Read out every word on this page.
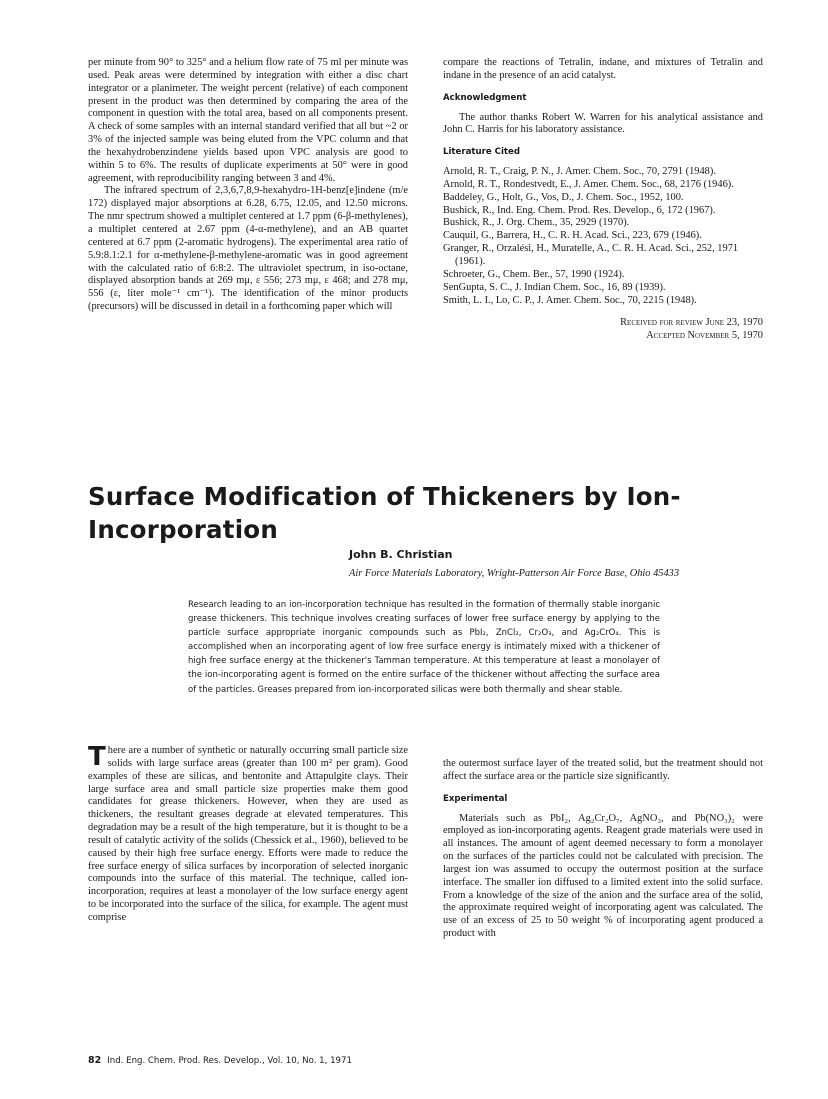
per minute from 90° to 325° and a helium flow rate of 75 ml per minute was used. Peak areas were determined by integration with either a disc chart integrator or a planimeter. The weight percent (relative) of each component present in the product was then determined by comparing the area of the component in question with the total area, based on all components present. A check of some samples with an internal standard verified that all but ~2 or 3% of the injected sample was being eluted from the VPC column and that the hexahydrobenzindene yields based upon VPC analysis are good to within 5 to 6%. The results of duplicate experiments at 50° were in good agreement, with reproducibility ranging between 3 and 4%.

The infrared spectrum of 2,3,6,7,8,9-hexahydro-1H-benz[e]indene (m/e 172) displayed major absorptions at 6.28, 6.75, 12.05, and 12.50 microns. The nmr spectrum showed a multiplet centered at 1.7 ppm (6-β-methylenes), a multiplet centered at 2.67 ppm (4-α-methylene), and an AB quartet centered at 6.7 ppm (2-aromatic hydrogens). The experimental area ratio of 5.9:8.1:2.1 for α-methylene-β-methylene-aromatic was in good agreement with the calculated ratio of 6:8:2. The ultraviolet spectrum, in iso-octane, displayed absorption bands at 269 mμ, ε 556; 273 mμ, ε 468; and 278 mμ, 556 (ε, liter mole⁻¹ cm⁻¹). The identification of the minor products (precursors) will be discussed in detail in a forthcoming paper which will

compare the reactions of Tetralin, indane, and mixtures of Tetralin and indane in the presence of an acid catalyst.

Acknowledgment

The author thanks Robert W. Warren for his analytical assistance and John C. Harris for his laboratory assistance.

Literature Cited

Arnold, R. T., Craig, P. N., J. Amer. Chem. Soc., 70, 2791 (1948).

Arnold, R. T., Rondestvedt, E., J. Amer. Chem. Soc., 68, 2176 (1946).

Baddeley, G., Holt, G., Vos, D., J. Chem. Soc., 1952, 100.

Bushick, R., Ind. Eng. Chem. Prod. Res. Develop., 6, 172 (1967).

Bushick, R., J. Org. Chem., 35, 2929 (1970).

Cauquil, G., Barrera, H., C. R. H. Acad. Sci., 223, 679 (1946).

Granger, R., Orzalési, H., Muratelle, A., C. R. H. Acad. Sci., 252, 1971 (1961).

Schroeter, G., Chem. Ber., 57, 1990 (1924).

SenGupta, S. C., J. Indian Chem. Soc., 16, 89 (1939).

Smith, L. I., Lo, C. P., J. Amer. Chem. Soc., 70, 2215 (1948).

Received for review June 23, 1970
Accepted November 5, 1970
Surface Modification of Thickeners by Ion-Incorporation
John B. Christian
Air Force Materials Laboratory, Wright-Patterson Air Force Base, Ohio 45433

Research leading to an ion-incorporation technique has resulted in the formation of thermally stable inorganic grease thickeners. This technique involves creating surfaces of lower free surface energy by applying to the particle surface appropriate inorganic compounds such as PbI₂, ZnCl₂, Cr₂O₃, and Ag₂CrO₄. This is accomplished when an incorporating agent of low free surface energy is intimately mixed with a thickener of high free surface energy at the thickener's Tamman temperature. At this temperature at least a monolayer of the ion-incorporating agent is formed on the entire surface of the thickener without affecting the surface area of the particles. Greases prepared from ion-incorporated silicas were both thermally and shear stable.

There are a number of synthetic or naturally occurring small particle size solids with large surface areas (greater than 100 m² per gram). Good examples of these are silicas, and bentonite and Attapulgite clays. Their large surface area and small particle size properties make them good candidates for grease thickeners. However, when they are used as thickeners, the resultant greases degrade at elevated temperatures. This degradation may be a result of the high temperature, but it is thought to be a result of catalytic activity of the solids (Chessick et al., 1960), believed to be caused by their high free surface energy. Efforts were made to reduce the free surface energy of silica surfaces by incorporation of selected inorganic compounds into the surface of this material. The technique, called ion-incorporation, requires at least a monolayer of the low surface energy agent to be incorporated into the surface of the silica, for example. The agent must comprise

the outermost surface layer of the treated solid, but the treatment should not affect the surface area or the particle size significantly.

Experimental

Materials such as PbI₂, Ag₂Cr₂O₇, AgNO₃, and Pb(NO₃)₂ were employed as ion-incorporating agents. Reagent grade materials were used in all instances. The amount of agent deemed necessary to form a monolayer on the surfaces of the particles could not be calculated with precision. The largest ion was assumed to occupy the outermost position at the surface interface. The smaller ion diffused to a limited extent into the solid surface. From a knowledge of the size of the anion and the surface area of the solid, the approximate required weight of incorporating agent was calculated. The use of an excess of 25 to 50 weight % of incorporating agent produced a product with

82 Ind. Eng. Chem. Prod. Res. Develop., Vol. 10, No. 1, 1971
